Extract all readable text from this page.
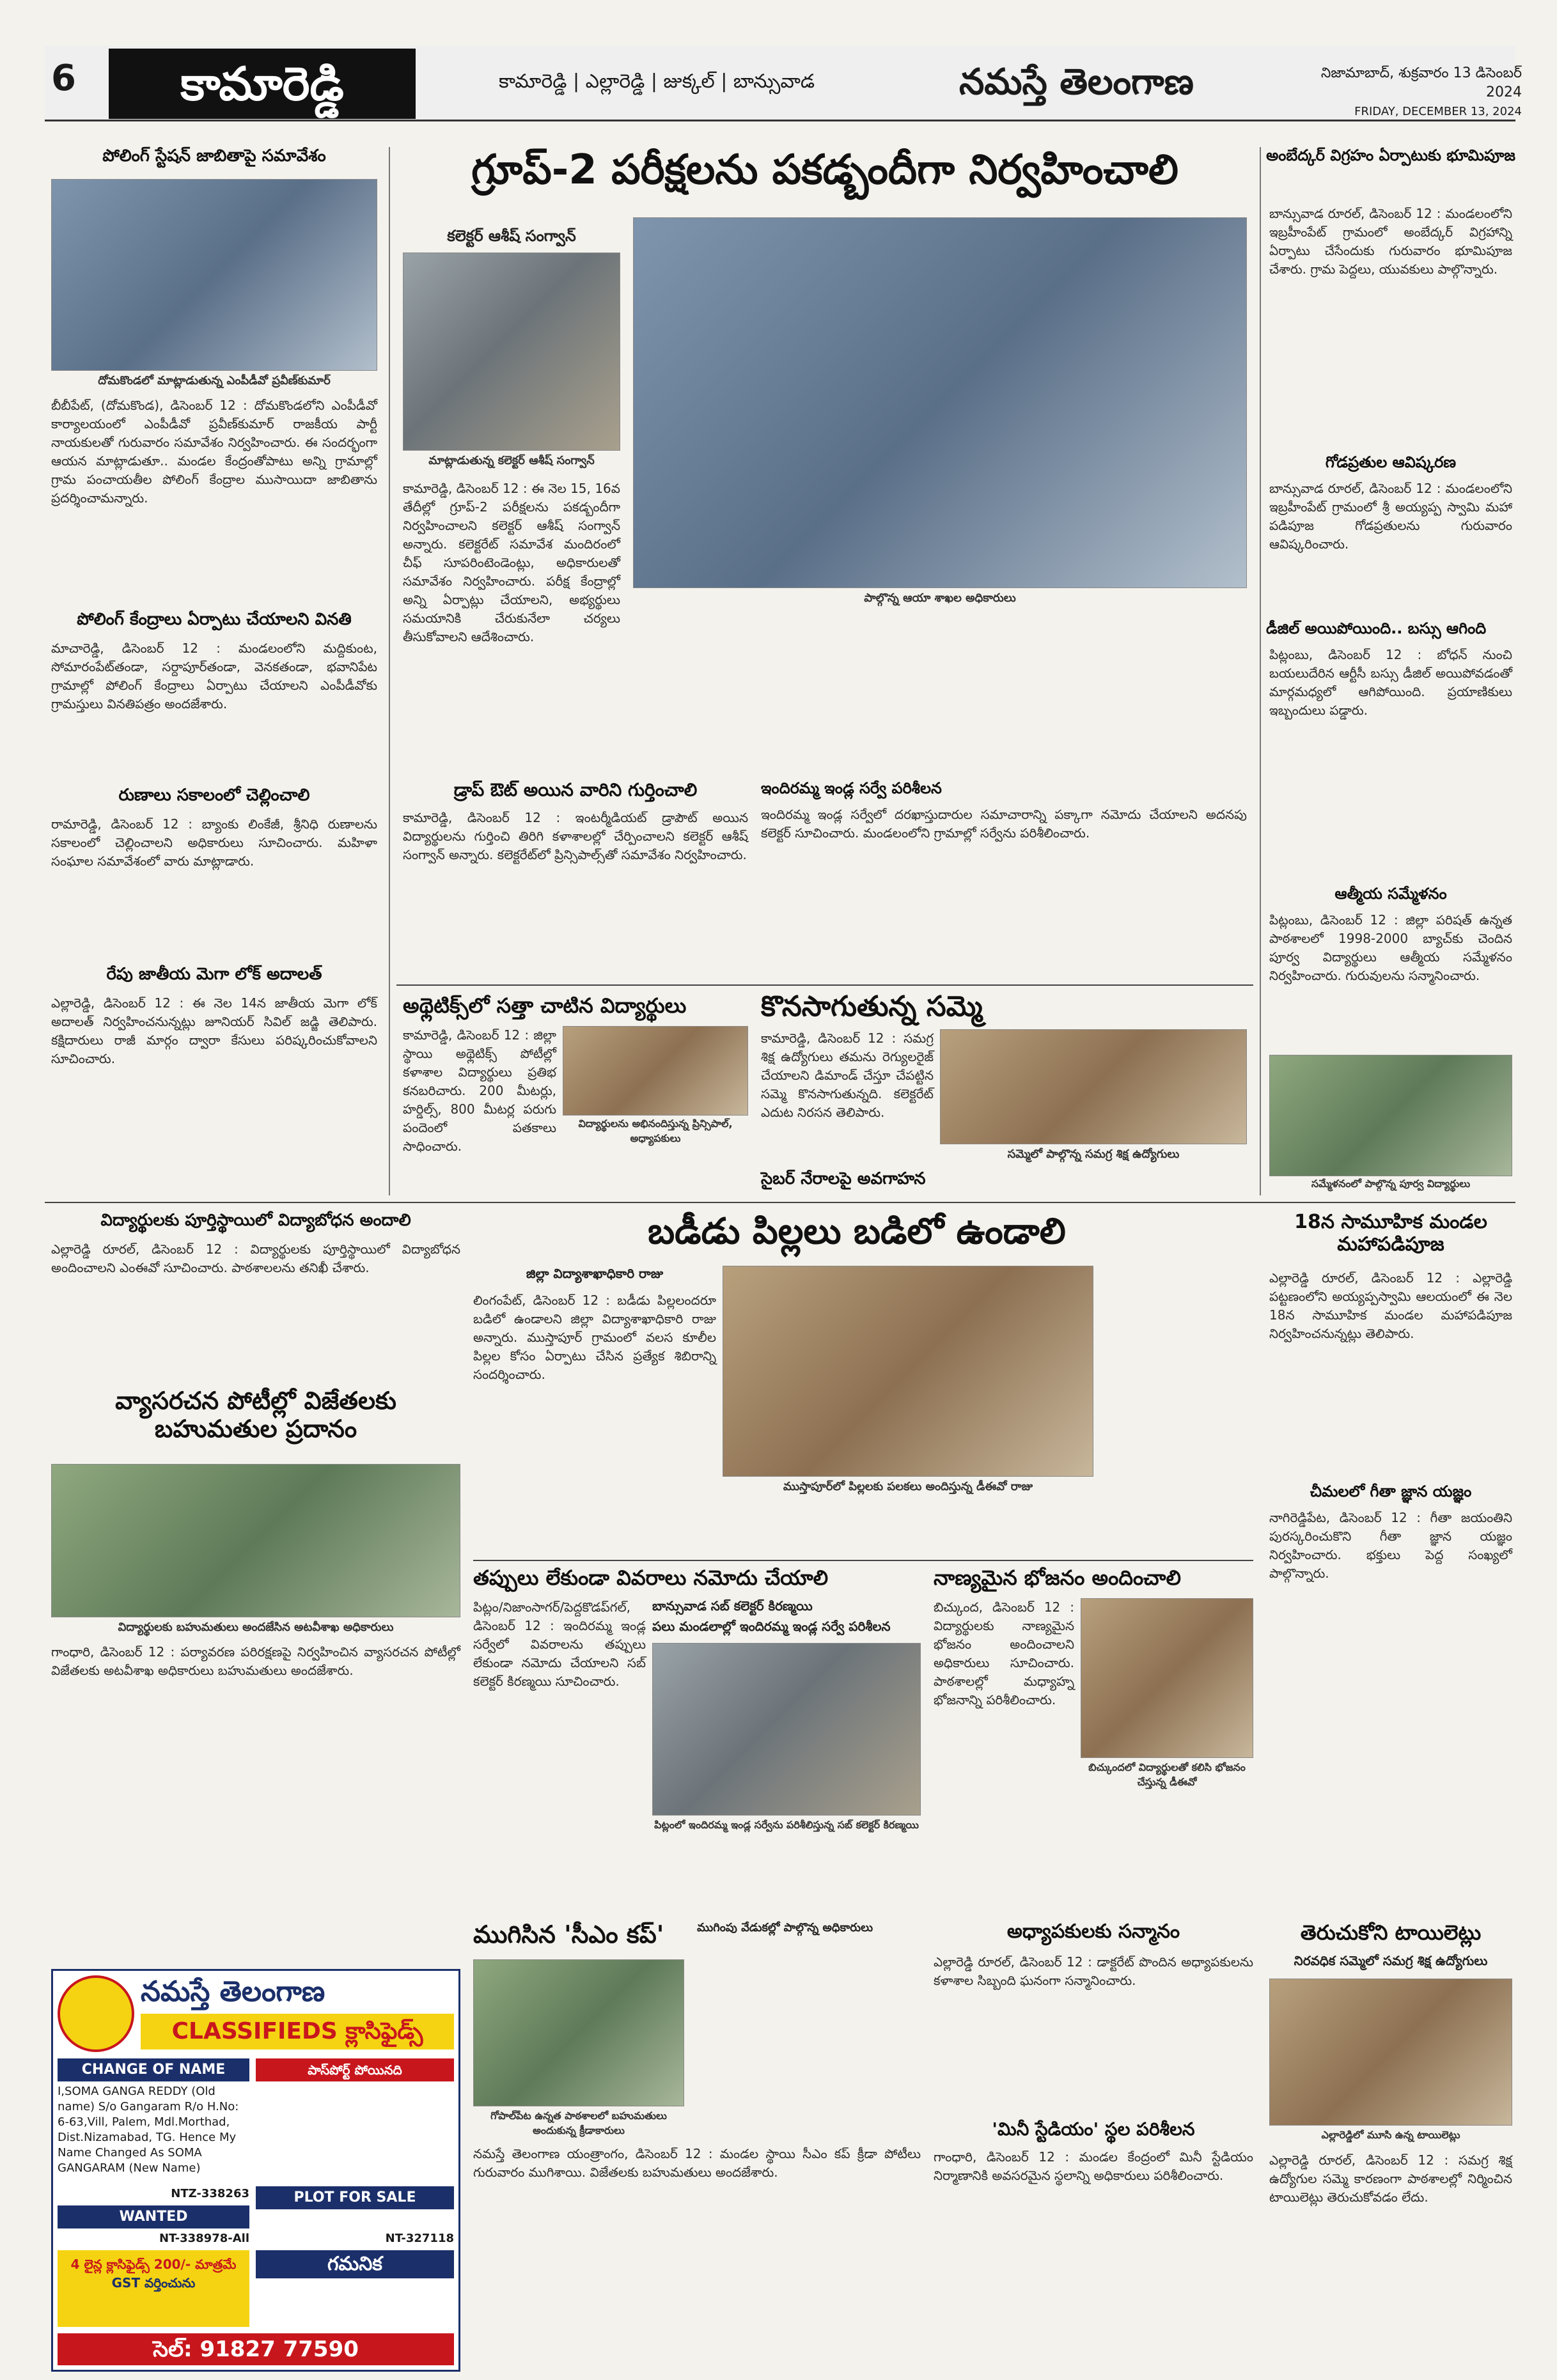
6	కామారెడ్డి	కామారెడ్డి | ఎల్లారెడ్డి | జుక్కల్ | బాన్సువాడ	నమస్తే తెలంగాణ	నిజామాబాద్, శుక్రవారం 13 డిసెంబర్ 2024
FRIDAY, DECEMBER 13, 2024
పోలింగ్ స్టేషన్ జాబితాపై సమావేశం
దోమకొండలో మాట్లాడుతున్న ఎంపీడీవో ప్రవీణ్‌కుమార్
బీబీపేట్, (దోమకొండ), డిసెంబర్ 12 : దోమకొండలోని ఎంపీడీవో కార్యాలయంలో ఎంపీడీవో ప్రవీణ్‌కుమార్ రాజకీయ పార్టీ నాయకులతో గురువారం సమావేశం నిర్వహించారు. ఈ సందర్భంగా ఆయన మాట్లాడుతూ.. మండల కేంద్రంతోపాటు అన్ని గ్రామాల్లో గ్రామ పంచాయతీల పోలింగ్ కేంద్రాల ముసాయిదా జాబితాను ప్రదర్శించామన్నారు.
పోలింగ్ కేంద్రాలు ఏర్పాటు చేయాలని వినతి
మాచారెడ్డి, డిసెంబర్ 12 : మండలంలోని మద్దికుంట, సోమారంపేట్‌తండా, సర్దాపూర్‌తండా, వెనకతండా, భవానిపేట గ్రామాల్లో పోలింగ్ కేంద్రాలు ఏర్పాటు చేయాలని ఎంపీడీవోకు గ్రామస్తులు వినతిపత్రం అందజేశారు.
రుణాలు సకాలంలో చెల్లించాలి
రామారెడ్డి, డిసెంబర్ 12 : బ్యాంకు లింకేజీ, శ్రీనిధి రుణాలను సకాలంలో చెల్లించాలని అధికారులు సూచించారు. మహిళా సంఘాల సమావేశంలో వారు మాట్లాడారు.
రేపు జాతీయ మెగా లోక్ అదాలత్
ఎల్లారెడ్డి, డిసెంబర్ 12 : ఈ నెల 14న జాతీయ మెగా లోక్ అదాలత్ నిర్వహించనున్నట్లు జూనియర్ సివిల్ జడ్జి తెలిపారు. కక్షిదారులు రాజీ మార్గం ద్వారా కేసులు పరిష్కరించుకోవాలని సూచించారు.
గ్రూప్-2 పరీక్షలను పకడ్బందీగా నిర్వహించాలి
కలెక్టర్ ఆశీష్ సంగ్వాన్
మాట్లాడుతున్న కలెక్టర్ ఆశీష్ సంగ్వాన్
పాల్గొన్న ఆయా శాఖల అధికారులు
కామారెడ్డి, డిసెంబర్ 12 : ఈ నెల 15, 16వ తేదీల్లో గ్రూప్-2 పరీక్షలను పకడ్బందీగా నిర్వహించాలని కలెక్టర్ ఆశీష్ సంగ్వాన్ అన్నారు. కలెక్టరేట్ సమావేశ మందిరంలో చీఫ్ సూపరింటెండెంట్లు, అధికారులతో సమావేశం నిర్వహించారు. పరీక్ష కేంద్రాల్లో అన్ని ఏర్పాట్లు చేయాలని, అభ్యర్థులు సమయానికి చేరుకునేలా చర్యలు తీసుకోవాలని ఆదేశించారు.
డ్రాప్ ఔట్ అయిన వారిని గుర్తించాలి
కామారెడ్డి, డిసెంబర్ 12 : ఇంటర్మీడియట్ డ్రాపౌట్ అయిన విద్యార్థులను గుర్తించి తిరిగి కళాశాలల్లో చేర్పించాలని కలెక్టర్ ఆశీష్ సంగ్వాన్ అన్నారు. కలెక్టరేట్‌లో ప్రిన్సిపాల్స్‌తో సమావేశం నిర్వహించారు.
ఇందిరమ్మ ఇండ్ల సర్వే పరిశీలన
ఇందిరమ్మ ఇండ్ల సర్వేలో దరఖాస్తుదారుల సమాచారాన్ని పక్కాగా నమోదు చేయాలని అదనపు కలెక్టర్ సూచించారు. మండలంలోని గ్రామాల్లో సర్వేను పరిశీలించారు.
అథ్లెటిక్స్‌లో సత్తా చాటిన విద్యార్థులు
విద్యార్థులను అభినందిస్తున్న ప్రిన్సిపాల్, అధ్యాపకులు
కామారెడ్డి, డిసెంబర్ 12 : జిల్లా స్థాయి అథ్లెటిక్స్ పోటీల్లో కళాశాల విద్యార్థులు ప్రతిభ కనబరిచారు. 200 మీటర్లు, హర్డిల్స్, 800 మీటర్ల పరుగు పందెంలో పతకాలు సాధించారు.
కొనసాగుతున్న సమ్మె
కామారెడ్డి, డిసెంబర్ 12 : సమగ్ర శిక్ష ఉద్యోగులు తమను రెగ్యులరైజ్ చేయాలని డిమాండ్ చేస్తూ చేపట్టిన సమ్మె కొనసాగుతున్నది. కలెక్టరేట్ ఎదుట నిరసన తెలిపారు.
సమ్మెలో పాల్గొన్న సమగ్ర శిక్ష ఉద్యోగులు
సైబర్ నేరాలపై అవగాహన
అంబేద్కర్ విగ్రహం ఏర్పాటుకు భూమిపూజ
బాన్సువాడ రూరల్, డిసెంబర్ 12 : మండలంలోని ఇబ్రహీంపేట్ గ్రామంలో అంబేద్కర్ విగ్రహాన్ని ఏర్పాటు చేసేందుకు గురువారం భూమిపూజ చేశారు. గ్రామ పెద్దలు, యువకులు పాల్గొన్నారు.
గోడప్రతుల ఆవిష్కరణ
బాన్సువాడ రూరల్, డిసెంబర్ 12 : మండలంలోని ఇబ్రహీంపేట్ గ్రామంలో శ్రీ అయ్యప్ప స్వామి మహా పడిపూజ గోడప్రతులను గురువారం ఆవిష్కరించారు.
డీజిల్ అయిపోయింది.. బస్సు ఆగింది
పిట్లంబు, డిసెంబర్ 12 : బోధన్ నుంచి బయలుదేరిన ఆర్టీసీ బస్సు డీజిల్ అయిపోవడంతో మార్గమధ్యలో ఆగిపోయింది. ప్రయాణికులు ఇబ్బందులు పడ్డారు.
ఆత్మీయ సమ్మేళనం
పిట్లంబు, డిసెంబర్ 12 : జిల్లా పరిషత్ ఉన్నత పాఠశాలలో 1998-2000 బ్యాచ్‌కు చెందిన పూర్వ విద్యార్థులు ఆత్మీయ సమ్మేళనం నిర్వహించారు. గురువులను సన్మానించారు.
సమ్మేళనంలో పాల్గొన్న పూర్వ విద్యార్థులు
విద్యార్థులకు పూర్తిస్థాయిలో విద్యాబోధన అందాలి
ఎల్లారెడ్డి రూరల్, డిసెంబర్ 12 : విద్యార్థులకు పూర్తిస్థాయిలో విద్యాబోధన అందించాలని ఎంఈవో సూచించారు. పాఠశాలలను తనిఖీ చేశారు.
వ్యాసరచన పోటీల్లో విజేతలకు బహుమతుల ప్రదానం
విద్యార్థులకు బహుమతులు అందజేసిన అటవీశాఖ అధికారులు
గాంధారి, డిసెంబర్ 12 : పర్యావరణ పరిరక్షణపై నిర్వహించిన వ్యాసరచన పోటీల్లో విజేతలకు అటవీశాఖ అధికారులు బహుమతులు అందజేశారు.
బడీడు పిల్లలు బడిలో ఉండాలి
జిల్లా విద్యాశాఖాధికారి రాజు
ముస్తాపూర్‌లో పిల్లలకు పలకలు అందిస్తున్న డీఈవో రాజు
లింగంపేట్, డిసెంబర్ 12 : బడీడు పిల్లలందరూ బడిలో ఉండాలని జిల్లా విద్యాశాఖాధికారి రాజు అన్నారు. ముస్తాపూర్ గ్రామంలో వలస కూలీల పిల్లల కోసం ఏర్పాటు చేసిన ప్రత్యేక శిబిరాన్ని సందర్శించారు.
18న సామూహిక మండల మహాపడిపూజ
ఎల్లారెడ్డి రూరల్, డిసెంబర్ 12 : ఎల్లారెడ్డి పట్టణంలోని అయ్యప్పస్వామి ఆలయంలో ఈ నెల 18న సామూహిక మండల మహాపడిపూజ నిర్వహించనున్నట్లు తెలిపారు.
చీమలలో గీతా జ్ఞాన యజ్ఞం
నాగిరెడ్డిపేట, డిసెంబర్ 12 : గీతా జయంతిని పురస్కరించుకొని గీతా జ్ఞాన యజ్ఞం నిర్వహించారు. భక్తులు పెద్ద సంఖ్యలో పాల్గొన్నారు.
తప్పులు లేకుండా వివరాలు నమోదు చేయాలి
బాన్సువాడ సబ్ కలెక్టర్ కిరణ్మయి
పలు మండలాల్లో ఇందిరమ్మ ఇండ్ల సర్వే పరిశీలన
పిట్లంలో ఇందిరమ్మ ఇండ్ల సర్వేను పరిశీలిస్తున్న సబ్ కలెక్టర్ కిరణ్మయి
పిట్లం/నిజాంసాగర్/పెద్దకొడప్‌గల్, డిసెంబర్ 12 : ఇందిరమ్మ ఇండ్ల సర్వేలో వివరాలను తప్పులు లేకుండా నమోదు చేయాలని సబ్ కలెక్టర్ కిరణ్మయి సూచించారు.
నాణ్యమైన భోజనం అందించాలి
బిచ్కుందలో విద్యార్థులతో కలిసి భోజనం చేస్తున్న డీఈవో
బిచ్కుంద, డిసెంబర్ 12 : విద్యార్థులకు నాణ్యమైన భోజనం అందించాలని అధికారులు సూచించారు. పాఠశాలల్లో మధ్యాహ్న భోజనాన్ని పరిశీలించారు.
నమస్తే తెలంగాణ
CLASSIFIEDS క్లాసిఫైడ్స్
CHANGE OF NAME
I,SOMA GANGA REDDY (Old name) S/o Gangaram R/o H.No: 6-63,Vill, Palem, Mdl.Morthad, Dist.Nizamabad, TG. Hence My Name Changed As SOMA GANGARAM (New Name)
NTZ-338263
WANTED
NT-338978-All
పాస్‌పోర్ట్ పోయినది
PLOT FOR SALE
NT-327118
గమనిక
4 లైన్ల క్లాసిఫైడ్స్ 200/- మాత్రమే
GST వర్తించును
సెల్: 91827 77590
ముగిసిన 'సీఎం కప్'	ముగింపు వేడుకల్లో పాల్గొన్న అధికారులు
గోపాల్‌పేట ఉన్నత పాఠశాలలో బహుమతులు అందుకున్న క్రీడాకారులు
నమస్తే తెలంగాణ యంత్రాంగం, డిసెంబర్ 12 : మండల స్థాయి సీఎం కప్ క్రీడా పోటీలు గురువారం ముగిశాయి. విజేతలకు బహుమతులు అందజేశారు.
అధ్యాపకులకు సన్మానం
ఎల్లారెడ్డి రూరల్, డిసెంబర్ 12 : డాక్టరేట్ పొందిన అధ్యాపకులను కళాశాల సిబ్బంది ఘనంగా సన్మానించారు.
'మినీ స్టేడియం' స్థల పరిశీలన
గాంధారి, డిసెంబర్ 12 : మండల కేంద్రంలో మినీ స్టేడియం నిర్మాణానికి అవసరమైన స్థలాన్ని అధికారులు పరిశీలించారు.
తెరుచుకోని టాయిలెట్లు
నిరవధిక సమ్మెలో సమగ్ర శిక్ష ఉద్యోగులు
ఎల్లారెడ్డిలో మూసి ఉన్న టాయిలెట్లు
ఎల్లారెడ్డి రూరల్, డిసెంబర్ 12 : సమగ్ర శిక్ష ఉద్యోగుల సమ్మె కారణంగా పాఠశాలల్లో నిర్మించిన టాయిలెట్లు తెరుచుకోవడం లేదు.
